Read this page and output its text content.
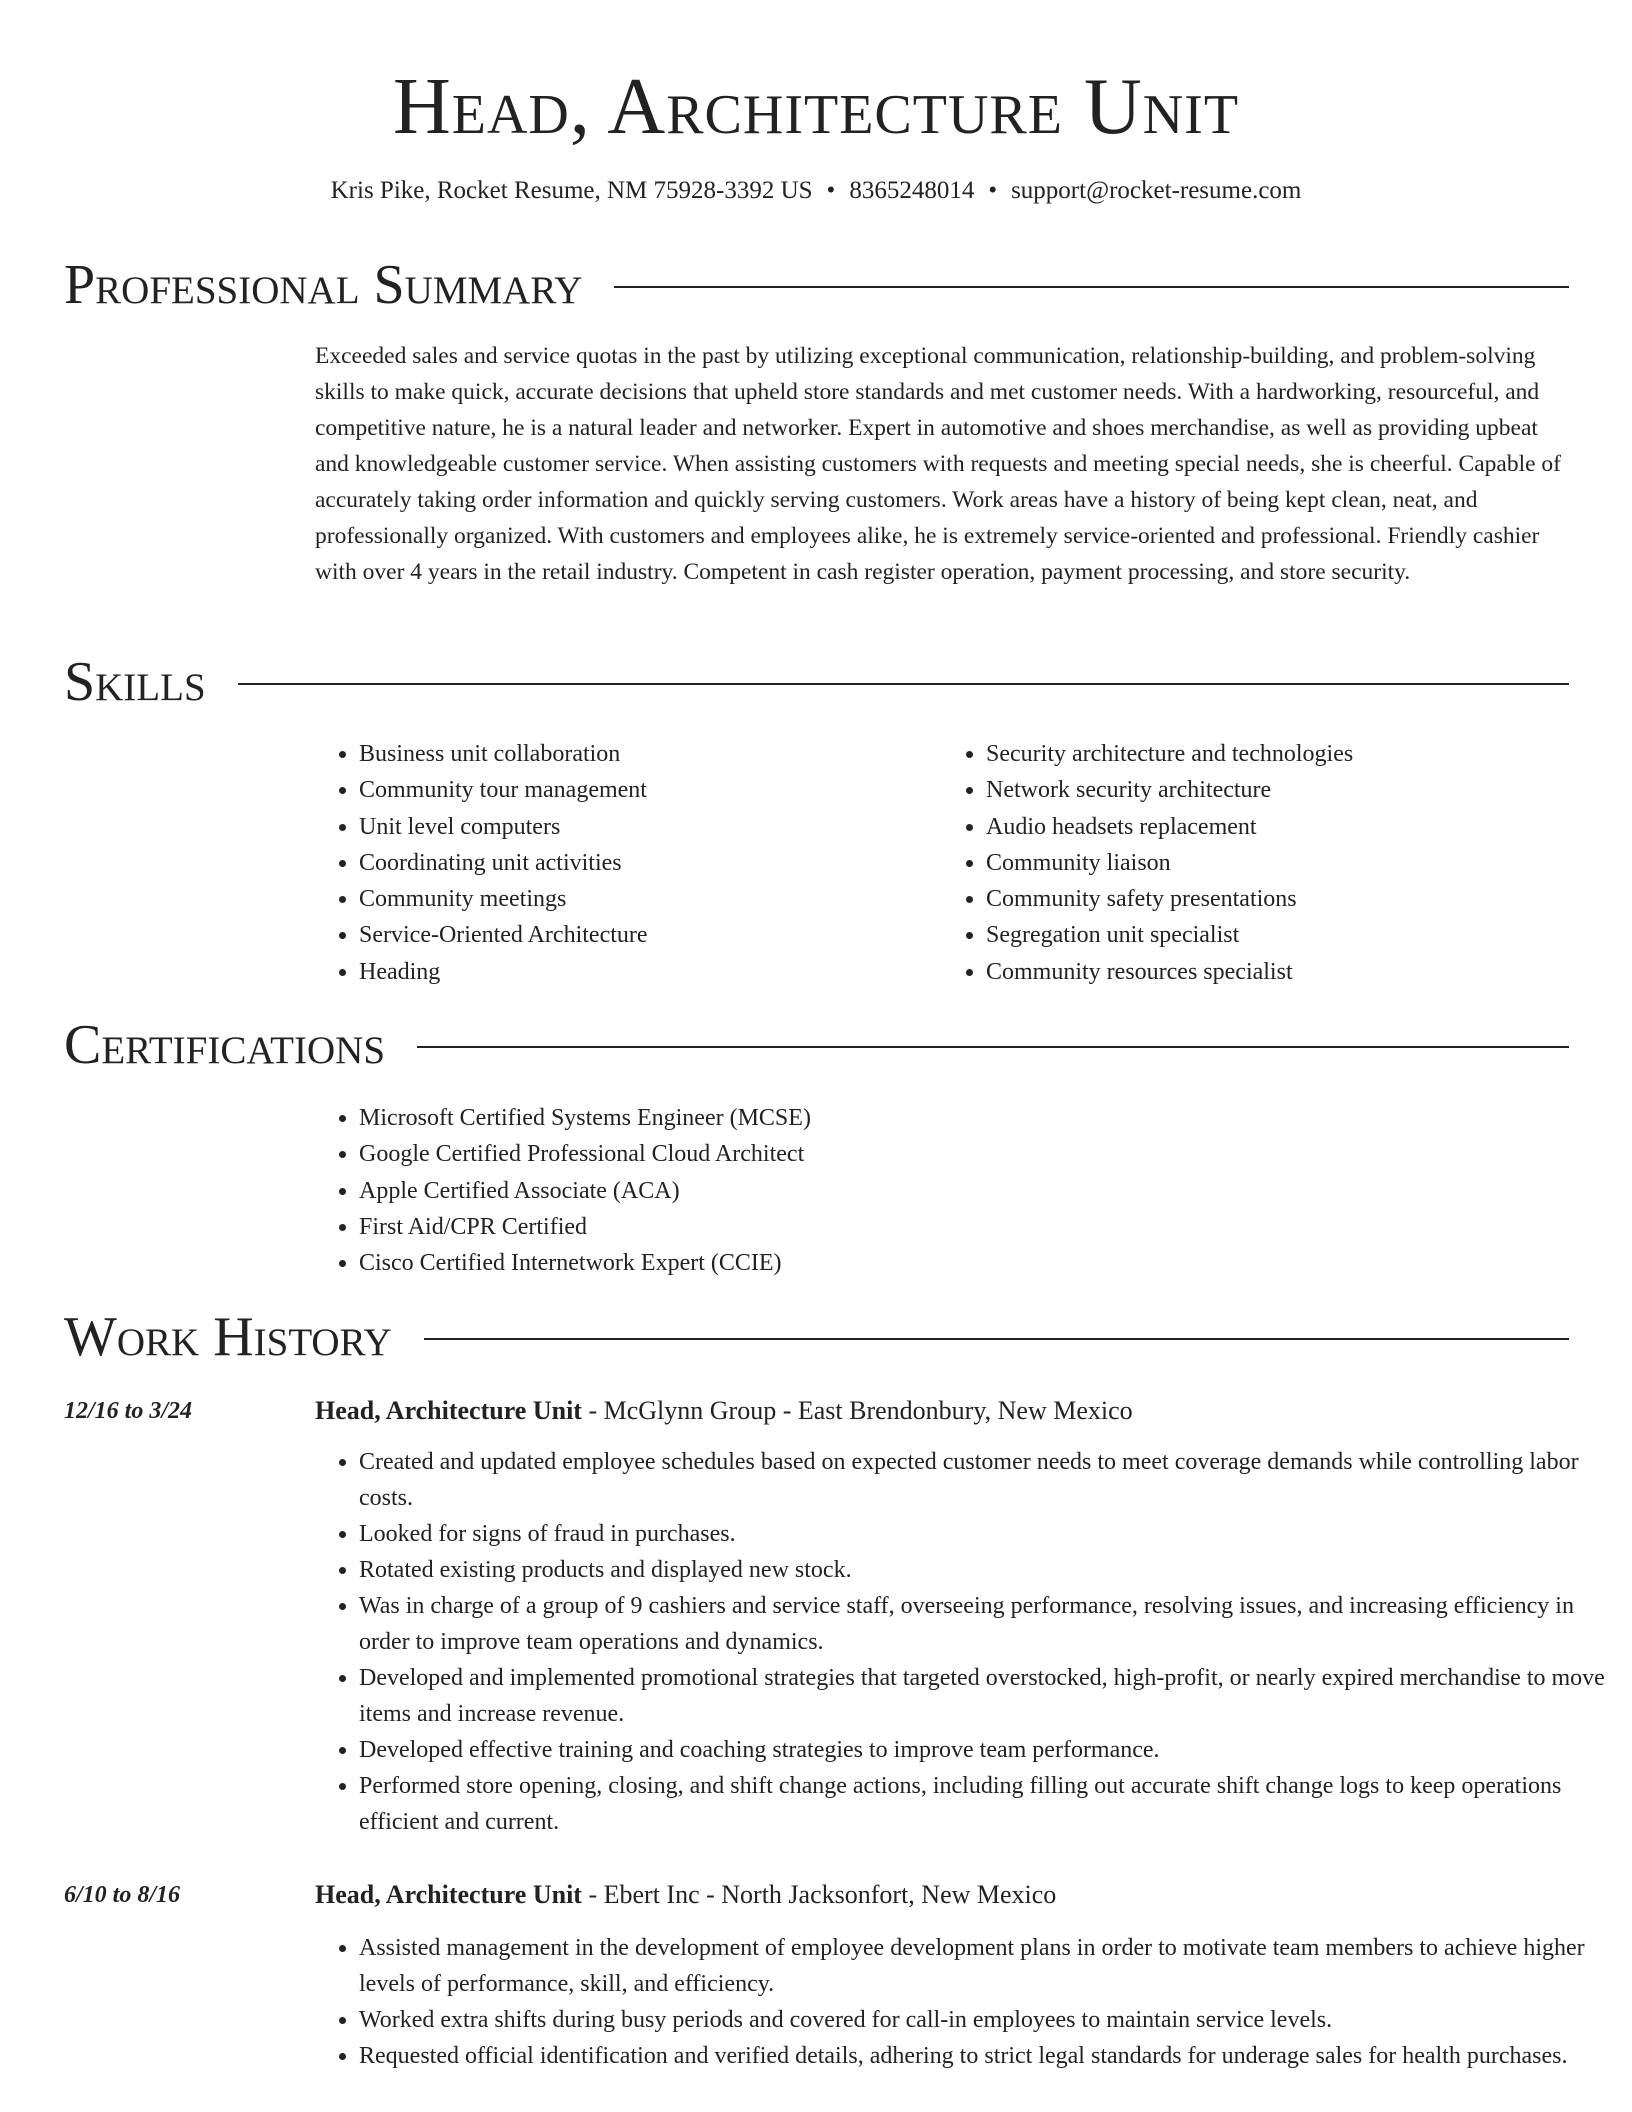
Head, Architecture Unit
Kris Pike, Rocket Resume, NM 75928-3392 US • 8365248014 • support@rocket-resume.com
Professional Summary
Exceeded sales and service quotas in the past by utilizing exceptional communication, relationship-building, and problem-solving skills to make quick, accurate decisions that upheld store standards and met customer needs. With a hardworking, resourceful, and competitive nature, he is a natural leader and networker. Expert in automotive and shoes merchandise, as well as providing upbeat and knowledgeable customer service. When assisting customers with requests and meeting special needs, she is cheerful. Capable of accurately taking order information and quickly serving customers. Work areas have a history of being kept clean, neat, and professionally organized. With customers and employees alike, he is extremely service-oriented and professional. Friendly cashier with over 4 years in the retail industry. Competent in cash register operation, payment processing, and store security.
Skills
• Business unit collaboration
• Community tour management
• Unit level computers
• Coordinating unit activities
• Community meetings
• Service-Oriented Architecture
• Heading
• Security architecture and technologies
• Network security architecture
• Audio headsets replacement
• Community liaison
• Community safety presentations
• Segregation unit specialist
• Community resources specialist
Certifications
• Microsoft Certified Systems Engineer (MCSE)
• Google Certified Professional Cloud Architect
• Apple Certified Associate (ACA)
• First Aid/CPR Certified
• Cisco Certified Internetwork Expert (CCIE)
Work History
12/16 to 3/24	Head, Architecture Unit - McGlynn Group - East Brendonbury, New Mexico
• Created and updated employee schedules based on expected customer needs to meet coverage demands while controlling labor costs.
• Looked for signs of fraud in purchases.
• Rotated existing products and displayed new stock.
• Was in charge of a group of 9 cashiers and service staff, overseeing performance, resolving issues, and increasing efficiency in order to improve team operations and dynamics.
• Developed and implemented promotional strategies that targeted overstocked, high-profit, or nearly expired merchandise to move items and increase revenue.
• Developed effective training and coaching strategies to improve team performance.
• Performed store opening, closing, and shift change actions, including filling out accurate shift change logs to keep operations efficient and current.
6/10 to 8/16	Head, Architecture Unit - Ebert Inc - North Jacksonfort, New Mexico
• Assisted management in the development of employee development plans in order to motivate team members to achieve higher levels of performance, skill, and efficiency.
• Worked extra shifts during busy periods and covered for call-in employees to maintain service levels.
• Requested official identification and verified details, adhering to strict legal standards for underage sales for health purchases.
